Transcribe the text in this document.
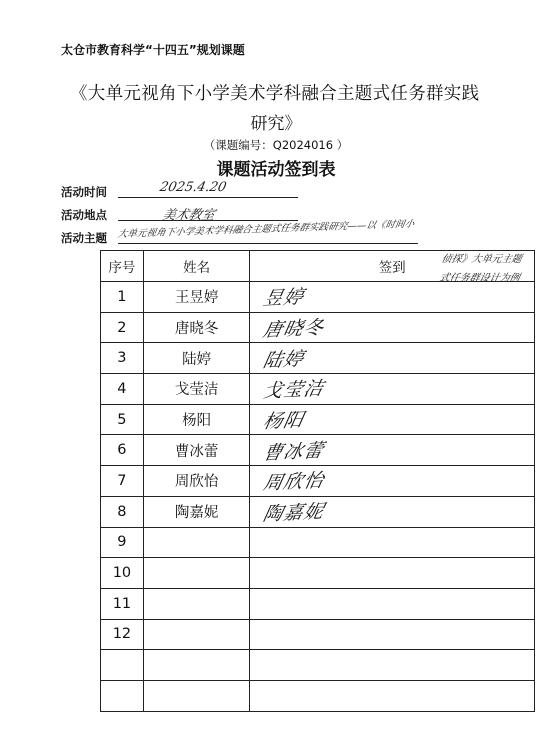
太仓市教育科学“十四五”规划课题
《大单元视角下小学美术学科融合主题式任务群实践
研究》
（课题编号：Q2024016 ）
课题活动签到表
活动时间	2025.4.20
活动地点	美术教室
活动主题 大单元视角下小学美术学科融合主题式任务群实践研究——以《时间小
侦探》大单元主题
式任务群设计为例
序号	姓名	签到
1	王昱婷	昱婷
2	唐晓冬	唐晓冬
3	陆婷	陆婷
4	戈莹洁	戈莹洁
5	杨阳	杨阳
6	曹冰蕾	曹冰蕾
7	周欣怡	周欣怡
8	陶嘉妮	陶嘉妮
9		
10		
11		
12		
